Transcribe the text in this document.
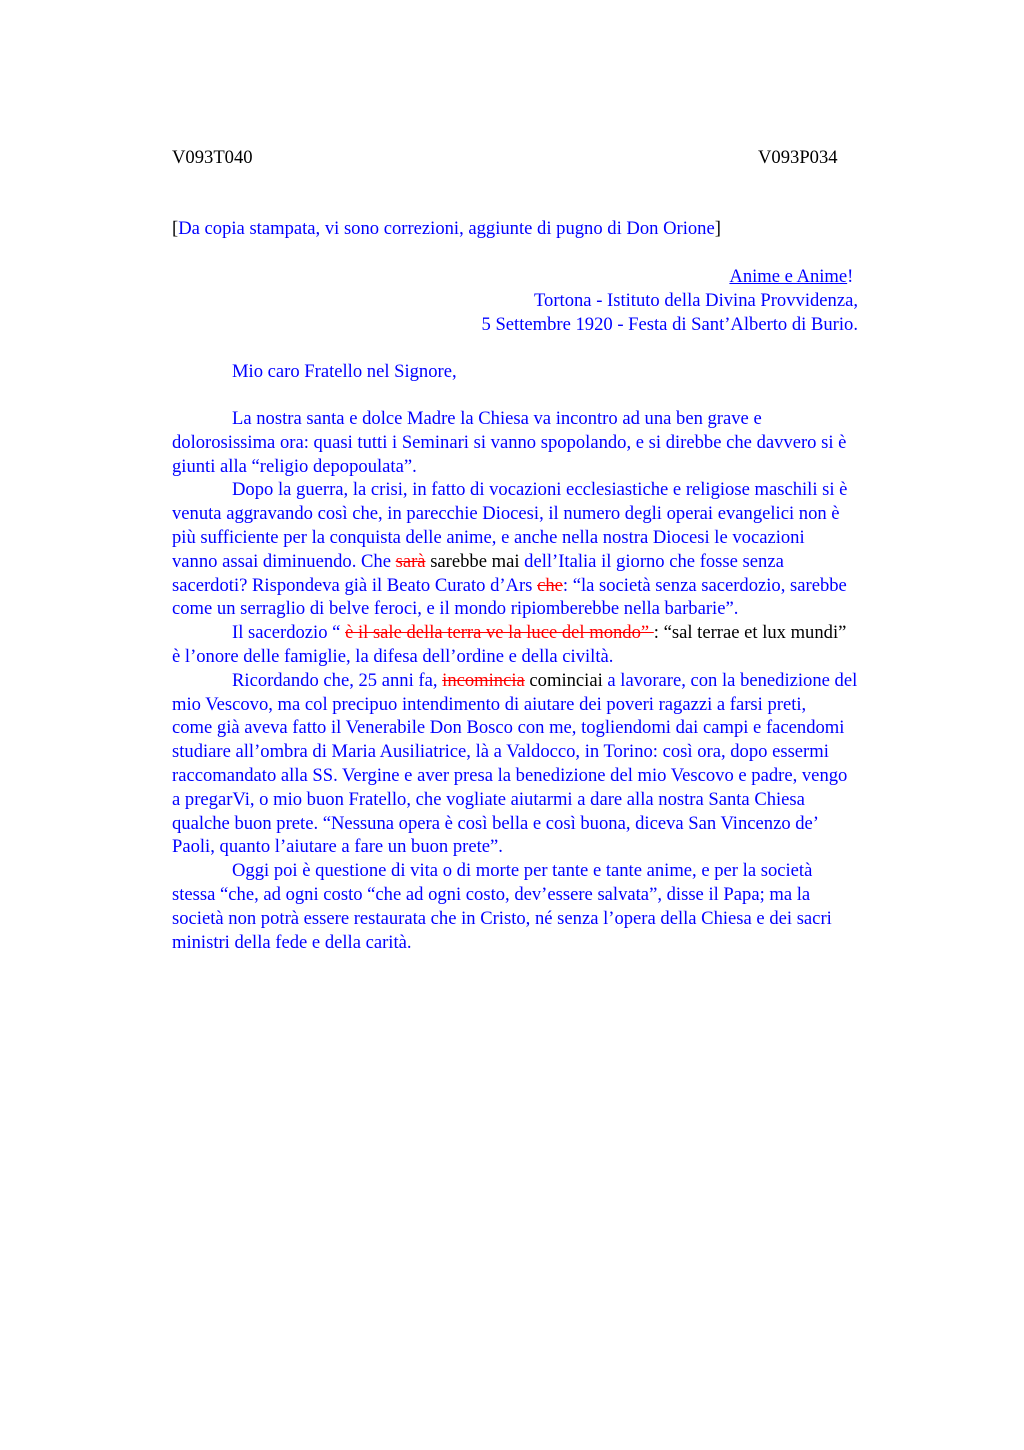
V093T040	V093P034
[Da copia stampata, vi sono correzioni, aggiunte di pugno di Don Orione]
Anime e Anime!
Tortona - Istituto della Divina Provvidenza,
5 Settembre 1920 - Festa di Sant’Alberto di Burio.
Mio caro Fratello nel Signore,

La nostra santa e dolce Madre la Chiesa va incontro ad una ben grave e
dolorosissima ora: quasi tutti i Seminari si vanno spopolando, e si direbbe che davvero si è
giunti alla “religio depopoulata”.

Dopo la guerra, la crisi, in fatto di vocazioni ecclesiastiche e religiose maschili si è
venuta aggravando così che, in parecchie Diocesi, il numero degli operai evangelici non è
più sufficiente per la conquista delle anime, e anche nella nostra Diocesi le vocazioni
vanno assai diminuendo. Che sarà sarebbe mai dell’Italia il giorno che fosse senza
sacerdoti? Rispondeva già il Beato Curato d’Ars che: “la società senza sacerdozio, sarebbe
come un serraglio di belve feroci, e il mondo ripiomberebbe nella barbarie”.

Il sacerdozio “ è il sale della terra ve la luce del mondo” : “sal terrae et lux mundi”
è l’onore delle famiglie, la difesa dell’ordine e della civiltà.

Ricordando che, 25 anni fa, incomincia cominciai a lavorare, con la benedizione del
mio Vescovo, ma col precipuo intendimento di aiutare dei poveri ragazzi a farsi preti,
come già aveva fatto il Venerabile Don Bosco con me, togliendomi dai campi e facendomi
studiare all’ombra di Maria Ausiliatrice, là a Valdocco, in Torino: così ora, dopo essermi
raccomandato alla SS. Vergine e aver presa la benedizione del mio Vescovo e padre, vengo
a pregarVi, o mio buon Fratello, che vogliate aiutarmi a dare alla nostra Santa Chiesa
qualche buon prete. “Nessuna opera è così bella e così buona, diceva San Vincenzo de’
Paoli, quanto l’aiutare a fare un buon prete”.

Oggi poi è questione di vita o di morte per tante e tante anime, e per la società
stessa “che, ad ogni costo “che ad ogni costo, dev’essere salvata”, disse il Papa; ma la
società non potrà essere restaurata che in Cristo, né senza l’opera della Chiesa e dei sacri
ministri della fede e della carità.
